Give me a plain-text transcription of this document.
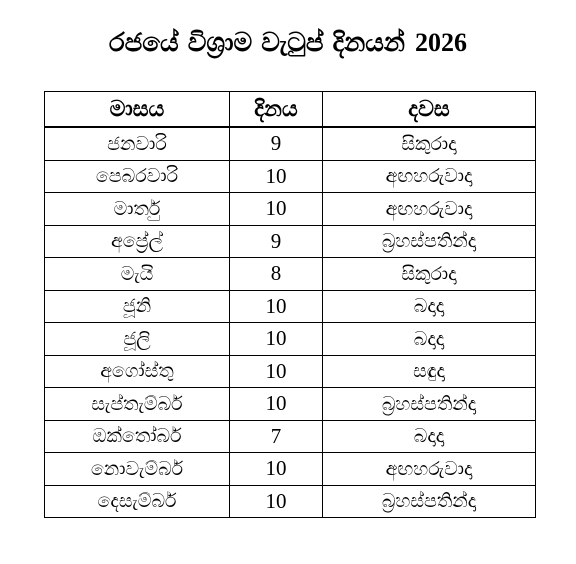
රජයේ විශ්‍රාම වැටුප් දිනයන් 2026
මාසය	දිනය	දවස
ජනවාරි	9	සිකුරාදා
පෙබරවාරි	10	අඟහරුවාදා
මාර්තු	10	අඟහරුවාදා
අප්‍රේල්	9	බ්‍රහස්පතින්දා
මැයි	8	සිකුරාදා
ජූනි	10	බදාදා
ජූලි	10	බදාදා
අගෝස්තු	10	සඳුදා
සැප්තැම්බර්	10	බ්‍රහස්පතින්දා
ඔක්තෝබර්	7	බදාදා
නොවැම්බර්	10	අඟහරුවාදා
දෙසැම්බර්	10	බ්‍රහස්පතින්දා
